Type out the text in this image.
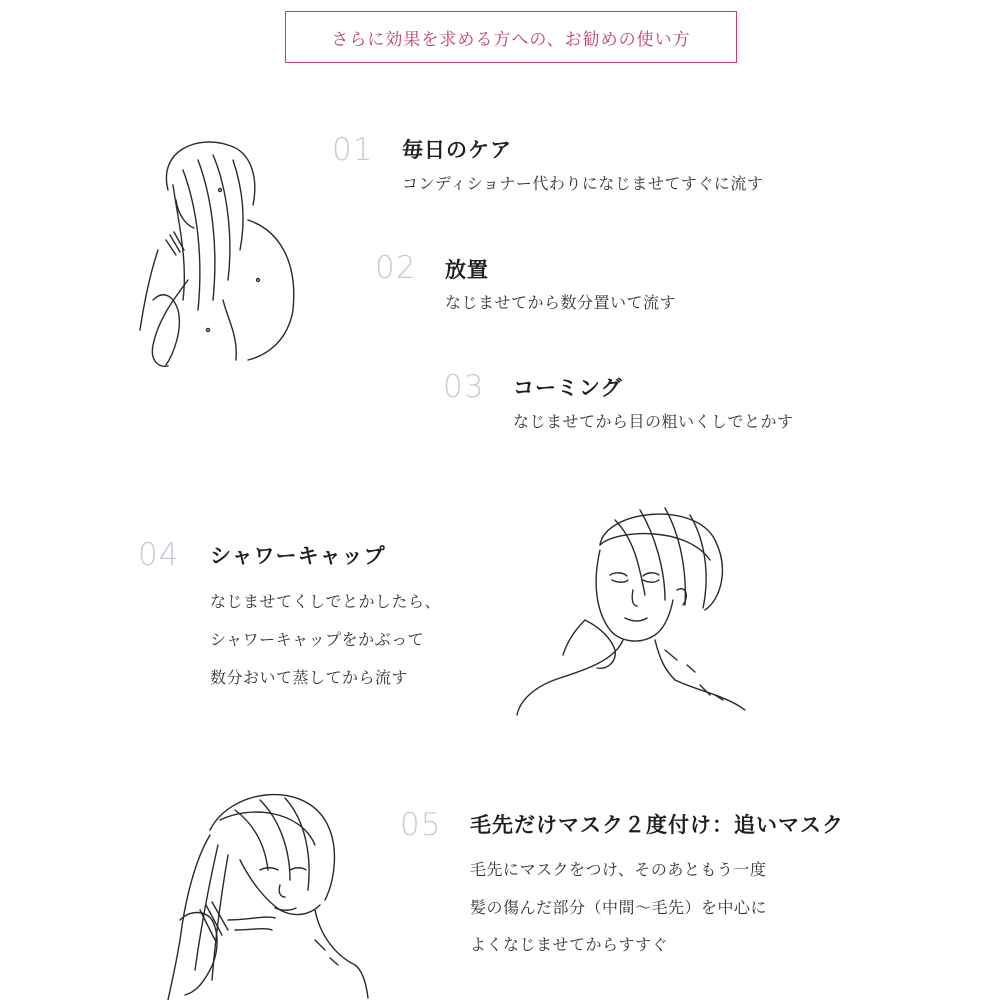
さらに効果を求める方への、お勧めの使い方
01 毎日のケア
コンディショナー代わりになじませてすぐに流す
02 放置
なじませてから数分置いて流す
03 コーミング
なじませてから目の粗いくしでとかす
04 シャワーキャップ
なじませてくしでとかしたら、
シャワーキャップをかぶって
数分おいて蒸してから流す
05 毛先だけマスク２度付け：追いマスク
毛先にマスクをつけ、そのあともう一度
髪の傷んだ部分（中間〜毛先）を中心に
よくなじませてからすすぐ
